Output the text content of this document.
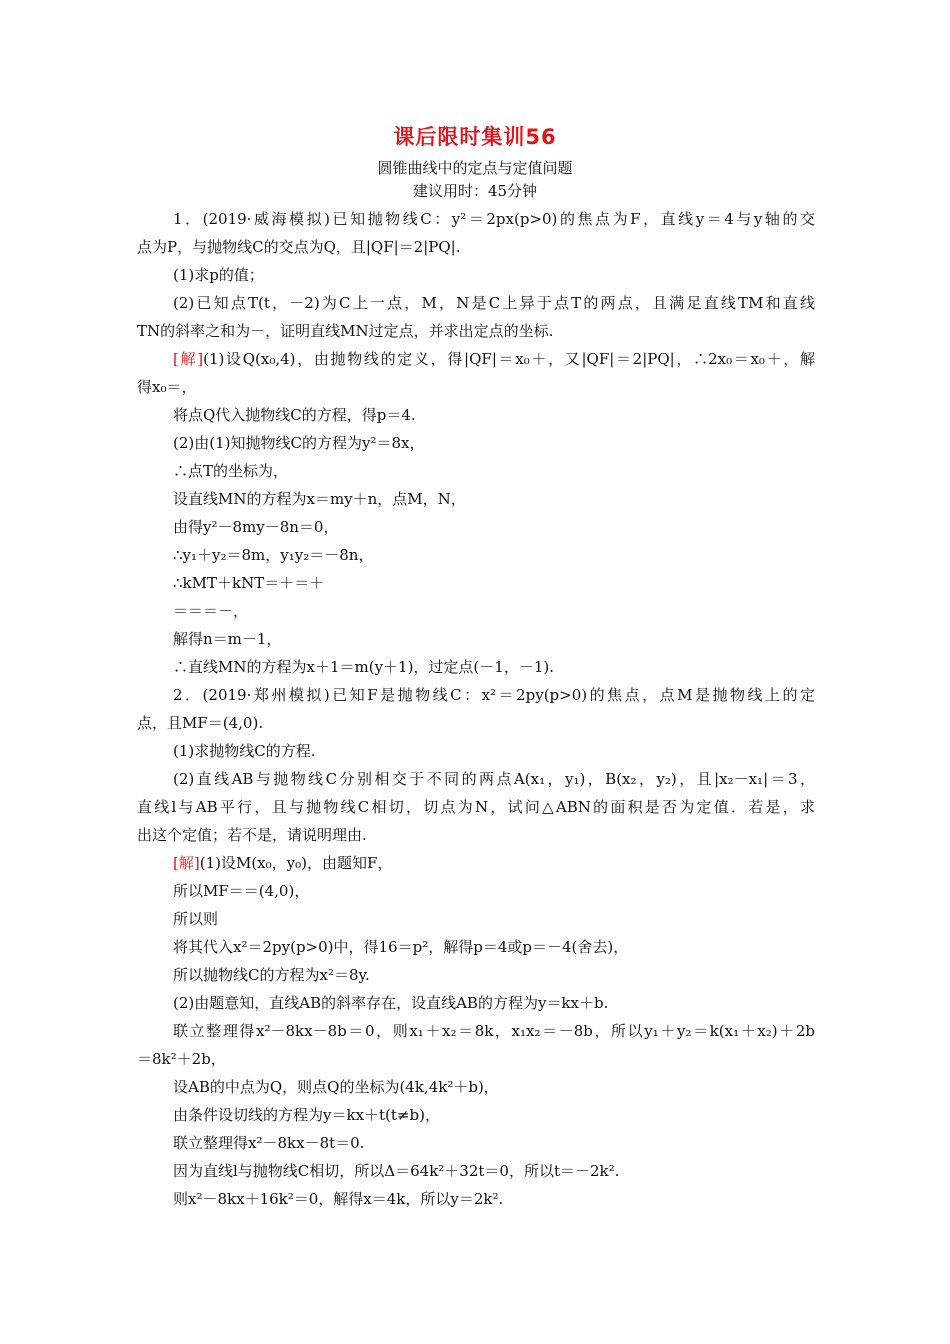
课后限时集训56
圆锥曲线中的定点与定值问题
建议用时：45分钟
1．(2019·威海模拟)已知抛物线C：y²＝2px(p>0)的焦点为F，直线y＝4与y轴的交
点为P，与抛物线C的交点为Q，且|QF|＝2|PQ|.
(1)求p的值；
(2)已知点T(t，－2)为C上一点，M，N是C上异于点T的两点，且满足直线TM和直线
TN的斜率之和为－，证明直线MN过定点，并求出定点的坐标.
[解](1)设Q(x₀,4)，由抛物线的定义，得|QF|＝x₀＋，又|QF|＝2|PQ|，∴2x₀＝x₀＋，解
得x₀＝，
将点Q代入抛物线C的方程，得p＝4.
(2)由(1)知抛物线C的方程为y²＝8x，
∴点T的坐标为，
设直线MN的方程为x＝my＋n，点M，N，
由得y²－8my－8n＝0，
∴y₁＋y₂＝8m，y₁y₂＝－8n，
∴kMT＋kNT＝＋＝＋
＝＝＝－，
解得n＝m－1，
∴直线MN的方程为x＋1＝m(y＋1)，过定点(－1，－1).
2．(2019·郑州模拟)已知F是抛物线C：x²＝2py(p>0)的焦点，点M是抛物线上的定
点，且MF＝(4,0).
(1)求抛物线C的方程.
(2)直线AB与抛物线C分别相交于不同的两点A(x₁，y₁)，B(x₂，y₂)，且|x₂－x₁|＝3，
直线l与AB平行，且与抛物线C相切，切点为N，试问△ABN的面积是否为定值．若是，求
出这个定值；若不是，请说明理由.
[解](1)设M(x₀，y₀)，由题知F，
所以MF＝＝(4,0)，
所以则
将其代入x²＝2py(p>0)中，得16＝p²，解得p＝4或p＝－4(舍去)，
所以抛物线C的方程为x²＝8y.
(2)由题意知，直线AB的斜率存在，设直线AB的方程为y＝kx＋b.
联立整理得x²－8kx－8b＝0，则x₁＋x₂＝8k，x₁x₂＝－8b，所以y₁＋y₂＝k(x₁＋x₂)＋2b
＝8k²＋2b，
设AB的中点为Q，则点Q的坐标为(4k,4k²＋b)，
由条件设切线的方程为y＝kx＋t(t≠b)，
联立整理得x²－8kx－8t＝0.
因为直线l与抛物线C相切，所以Δ＝64k²＋32t＝0，所以t＝－2k².
则x²－8kx＋16k²＝0，解得x＝4k，所以y＝2k².
